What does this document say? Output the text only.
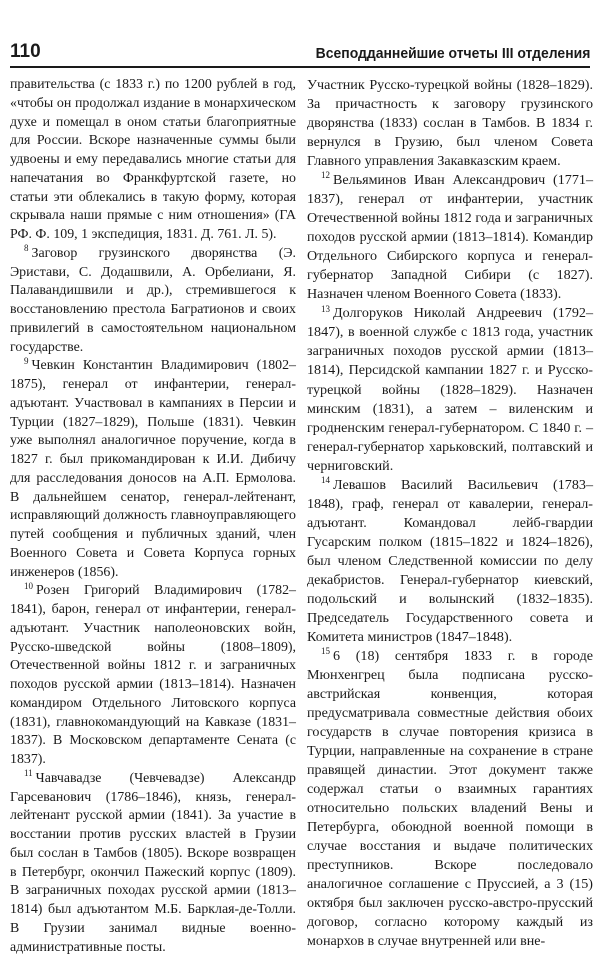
110	Всеподданнейшие отчеты III отделения

правительства (с 1833 г.) по 1200 рублей в год, «чтобы он продолжал издание в монархическом духе и помещал в оном статьи благоприятные для России. Вскоре назначенные суммы были удвоены и ему передавались многие статьи для напечатания во Франкфуртской газете, но статьи эти облекались в такую форму, которая скрывала наши прямые с ним отношения» (ГА РФ. Ф. 109, 1 экспедиция, 1831. Д. 761. Л. 5).

$^8$ Заговор грузинского дворянства (Э. Эристави, С. Додашвили, А. Орбелиани, Я. Палавандишвили и др.), стремившегося к восстановлению престола Багратионов и своих привилегий в самостоятельном национальном государстве.

$^9$ Чевкин Константин Владимирович (1802–1875), генерал от инфантерии, генерал-адъютант. Участвовал в кампаниях в Персии и Турции (1827–1829), Польше (1831). Чевкин уже выполнял аналогичное поручение, когда в 1827 г. был прикомандирован к И.И. Дибичу для расследования доносов на А.П. Ермолова. В дальнейшем сенатор, генерал-лейтенант, исправляющий должность главноуправляющего путей сообщения и публичных зданий, член Военного Совета и Совета Корпуса горных инженеров (1856).

$^{10}$ Розен Григорий Владимирович (1782–1841), барон, генерал от инфантерии, генерал-адъютант. Участник наполеоновских войн, Русско-шведской войны (1808–1809), Отечественной войны 1812 г. и заграничных походов русской армии (1813–1814). Назначен командиром Отдельного Литовского корпуса (1831), главнокомандующий на Кавказе (1831–1837). В Московском департаменте Сената (с 1837).

$^{11}$ Чавчавадзе (Чевчевадзе) Александр Гарсеванович (1786–1846), князь, генерал-лейтенант русской армии (1841). За участие в восстании против русских властей в Грузии был сослан в Тамбов (1805). Вскоре возвращен в Петербург, окончил Пажеский корпус (1809). В заграничных походах русской армии (1813–1814) был адъютантом М.Б. Барклая-де-Толли. В Грузии занимал видные военно-административные посты.

Участник Русско-турецкой войны (1828–1829). За причастность к заговору грузинского дворянства (1833) сослан в Тамбов. В 1834 г. вернулся в Грузию, был членом Совета Главного управления Закавказским краем.

$^{12}$ Вельяминов Иван Александрович (1771–1837), генерал от инфантерии, участник Отечественной войны 1812 года и заграничных походов русской армии (1813–1814). Командир Отдельного Сибирского корпуса и генерал-губернатор Западной Сибири (с 1827). Назначен членом Военного Совета (1833).

$^{13}$ Долгоруков Николай Андреевич (1792–1847), в военной службе с 1813 года, участник заграничных походов русской армии (1813–1814), Персидской кампании 1827 г. и Русско-турецкой войны (1828–1829). Назначен минским (1831), а затем – виленским и гродненским генерал-губернатором. С 1840 г. – генерал-губернатор харьковский, полтавский и черниговский.

$^{14}$ Левашов Василий Васильевич (1783–1848), граф, генерал от кавалерии, генерал-адъютант. Командовал лейб-гвардии Гусарским полком (1815–1822 и 1824–1826), был членом Следственной комиссии по делу декабристов. Генерал-губернатор киевский, подольский и волынский (1832–1835). Председатель Государственного совета и Комитета министров (1847–1848).

$^{15}$ 6 (18) сентября 1833 г. в городе Мюнхенгрец была подписана русско-австрийская конвенция, которая предусматривала совместные действия обоих государств в случае повторения кризиса в Турции, направленные на сохранение в стране правящей династии. Этот документ также содержал статьи о взаимных гарантиях относительно польских владений Вены и Петербурга, обоюдной военной помощи в случае восстания и выдаче политических преступников. Вскоре последовало аналогичное соглашение с Пруссией, а 3 (15) октября был заключен русско-австро-прусский договор, согласно которому каждый из монархов в случае внутренней или вне-
